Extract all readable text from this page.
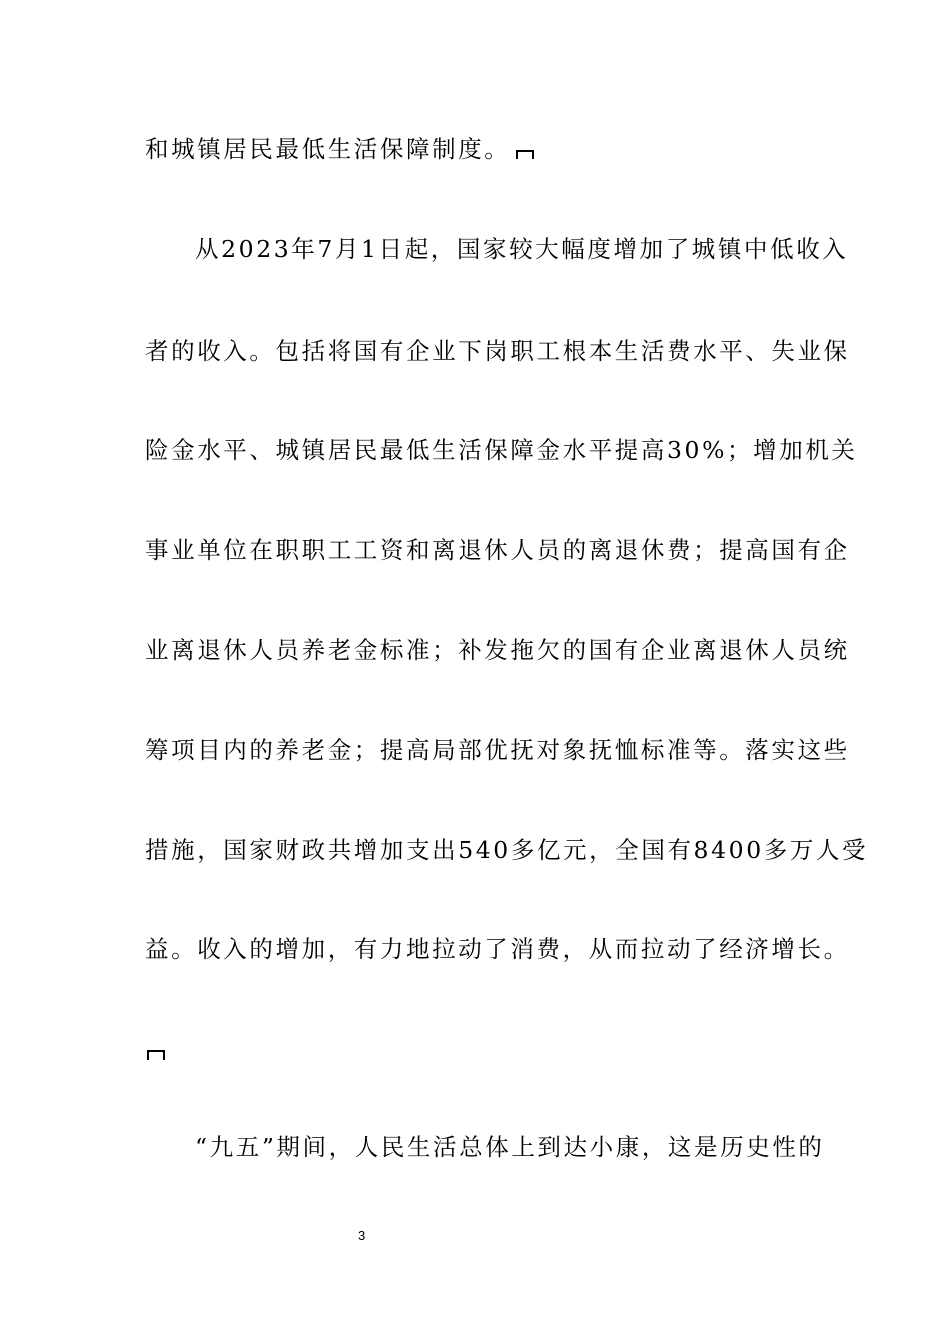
和城镇居民最低生活保障制度。
从2023年7月1日起，国家较大幅度增加了城镇中低收入
者的收入。包括将国有企业下岗职工根本生活费水平、失业保
险金水平、城镇居民最低生活保障金水平提高30%；增加机关
事业单位在职职工工资和离退休人员的离退休费；提高国有企
业离退休人员养老金标准；补发拖欠的国有企业离退休人员统
筹项目内的养老金；提高局部优抚对象抚恤标准等。落实这些
措施，国家财政共增加支出540多亿元，全国有8400多万人受
益。收入的增加，有力地拉动了消费，从而拉动了经济增长。
“九五”期间，人民生活总体上到达小康，这是历史性的
3
